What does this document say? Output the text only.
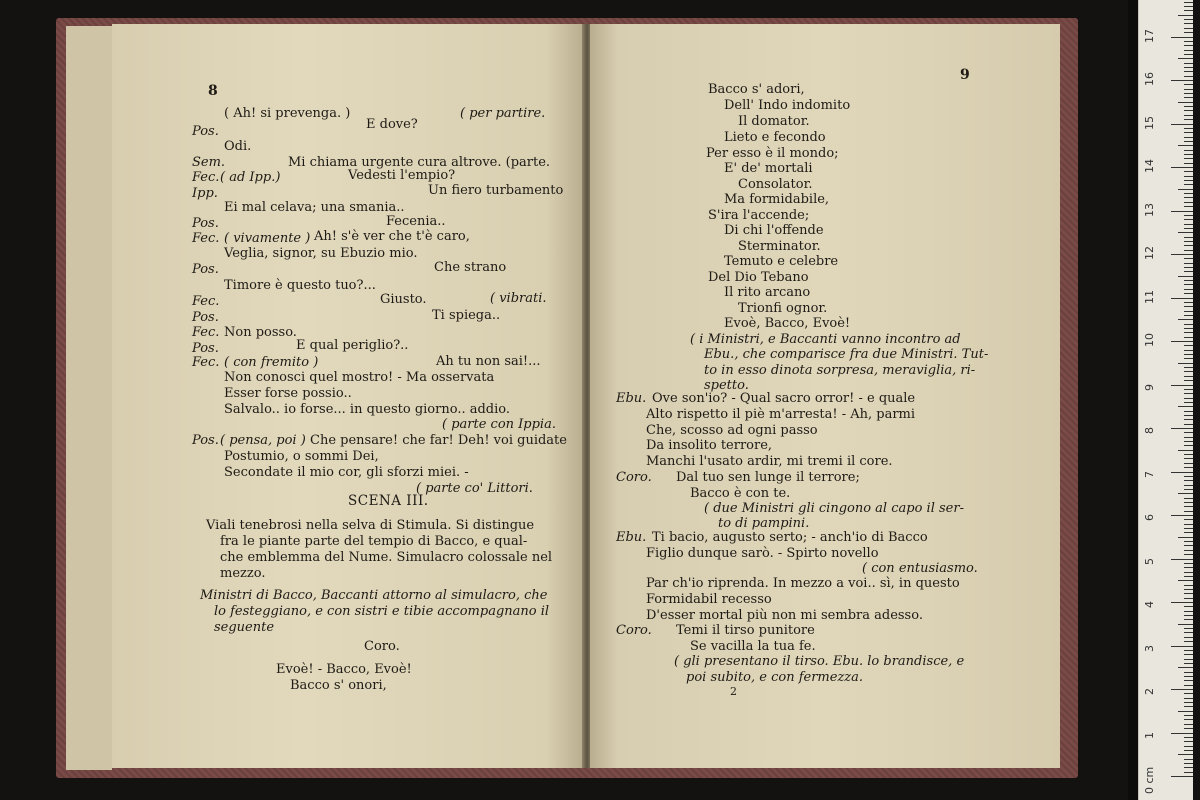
8
( Ah! si prevenga. )	( per partire.
Pos.	E dove?
Odi.
Sem.	Mi chiama urgente cura altrove. (parte.
Fec. ( ad Ipp.)	Vedesti l'empio?
Ipp.	Un fiero turbamento
Ei mal celava; una smania..
Pos.	Fecenia..
Fec. ( vivamente ) Ah! s'è ver che t'è caro,
Veglia, signor, su Ebuzio mio.
Pos.	Che strano
Timore è questo tuo?...
Fec.	Giusto.	( vibrati.
Pos.	Ti spiega..
Fec. Non posso.
Pos.	E qual periglio?..
Fec. ( con fremito )	Ah tu non sai!...
Non conosci quel mostro! - Ma osservata
Esser forse possio..
Salvalo.. io forse... in questo giorno.. addio.
( parte con Ippia.
Pos. ( pensa, poi ) Che pensare! che far! Deh! voi guidate
Postumio, o sommi Dei,
Secondate il mio cor, gli sforzi miei. -
( parte co' Littori.
SCENA III.
Viali tenebrosi nella selva di Stimula. Si distingue
fra le piante parte del tempio di Bacco, e qual-
che emblemma del Nume. Simulacro colossale nel
mezzo.
Ministri di Bacco, Baccanti attorno al simulacro, che
lo festeggiano, e con sistri e tibie accompagnano il
seguente
Coro.
Evoè! - Bacco, Evoè!
Bacco s' onori,
9
Bacco s' adori,
Dell' Indo indomito
Il domator.
Lieto e fecondo
Per esso è il mondo;
E' de' mortali
Consolator.
Ma formidabile,
S'ira l'accende;
Di chi l'offende
Sterminator.
Temuto e celebre
Del Dio Tebano
Il rito arcano
Trionfi ognor.
Evoè, Bacco, Evoè!
( i Ministri, e Baccanti vanno incontro ad
Ebu., che comparisce fra due Ministri. Tut-
to in esso dinota sorpresa, meraviglia, ri-
spetto.
Ebu. Ove son'io? - Qual sacro orror! - e quale
Alto rispetto il piè m'arresta! - Ah, parmi
Che, scosso ad ogni passo
Da insolito terrore,
Manchi l'usato ardir, mi tremi il core.
Coro. Dal tuo sen lunge il terrore;
Bacco è con te.
( due Ministri gli cingono al capo il ser-
to di pampini.
Ebu. Ti bacio, augusto serto; - anch'io di Bacco
Figlio dunque sarò. - Spirto novello
( con entusiasmo.
Par ch'io riprenda. In mezzo a voi.. sì, in questo
Formidabil recesso
D'esser mortal più non mi sembra adesso.
Coro. Temi il tirso punitore
Se vacilla la tua fe.
( gli presentano il tirso. Ebu. lo brandisce, e
poi subito, e con fermezza.
2
0 cm
1
2
3
4
5
6
7
8
9
10
11
12
13
14
15
16
17
